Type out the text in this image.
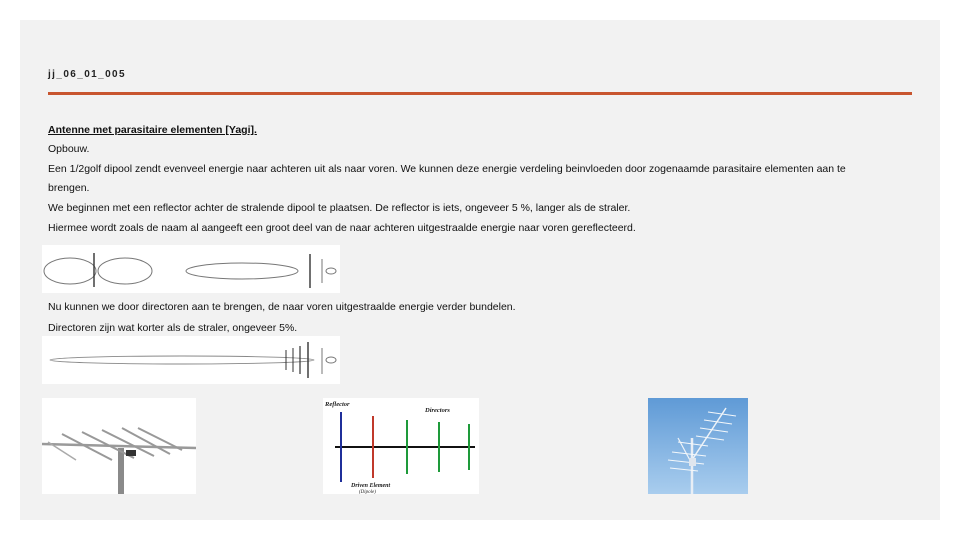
jj_06_01_005
Antenne met parasitaire elementen [Yagi].
Opbouw.
Een 1/2golf dipool zendt evenveel energie naar achteren uit als naar voren. We kunnen deze energie verdeling beinvloeden door zogenaamde parasitaire elementen aan te
brengen.
We beginnen met een reflector achter de stralende dipool te plaatsen. De reflector is iets, ongeveer 5 %, langer als de straler.
Hiermee wordt zoals de naam al aangeeft een groot deel van de naar achteren uitgestraalde energie naar voren gereflecteerd.
Nu kunnen we door directoren aan te brengen, de naar voren uitgestraalde energie verder bundelen.
Directoren zijn wat korter als de straler, ongeveer 5%.
Reflector
Directors
Driven Element
(Dipole)
